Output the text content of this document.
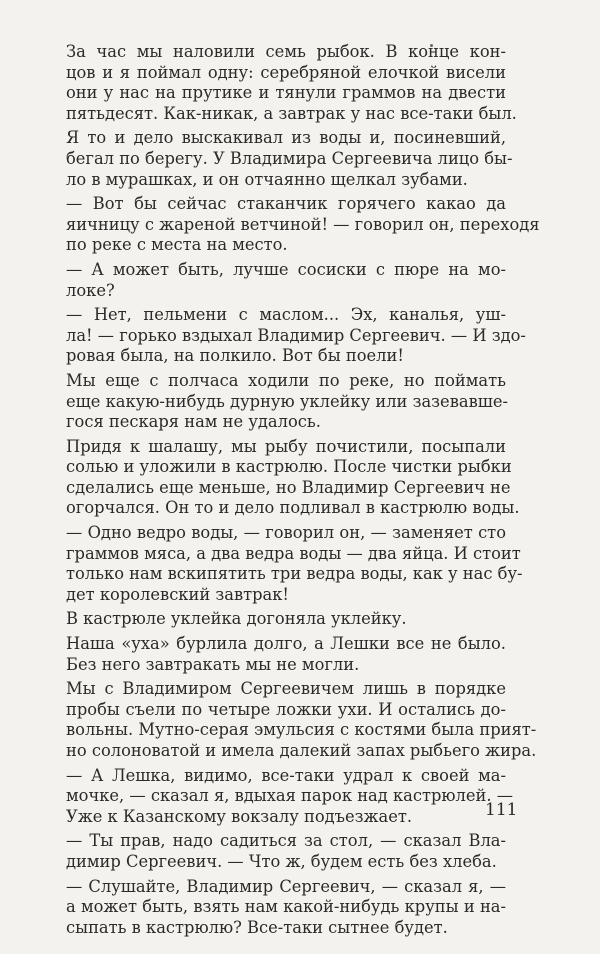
За час мы наловили семь рыбок. В конце кон-
цов и я поймал одну: серебряной елочкой висели
они у нас на прутике и тянули граммов на двести
пятьдесят. Как-никак, а завтрак у нас все-таки был.
Я то и дело выскакивал из воды и, посиневший,
бегал по берегу. У Владимира Сергеевича лицо бы-
ло в мурашках, и он отчаянно щелкал зубами.
— Вот бы сейчас стаканчик горячего какао да
яичницу с жареной ветчиной! — говорил он, переходя
по реке с места на место.
— А может быть, лучше сосиски с пюре на мо-
локе?
— Нет, пельмени с маслом... Эх, каналья, уш-
ла! — горько вздыхал Владимир Сергеевич. — И здо-
ровая была, на полкило. Вот бы поели!
Мы еще с полчаса ходили по реке, но поймать
еще какую-нибудь дурную уклейку или зазевавше-
гося пескаря нам не удалось.
Придя к шалашу, мы рыбу почистили, посыпали
солью и уложили в кастрюлю. После чистки рыбки
сделались еще меньше, но Владимир Сергеевич не
огорчался. Он то и дело подливал в кастрюлю воды.
— Одно ведро воды, — говорил он, — заменяет сто
граммов мяса, а два ведра воды — два яйца. И стоит
только нам вскипятить три ведра воды, как у нас бу-
дет королевский завтрак!
В кастрюле уклейка догоняла уклейку.
Наша «уха» бурлила долго, а Лешки все не было.
Без него завтракать мы не могли.
Мы с Владимиром Сергеевичем лишь в порядке
пробы съели по четыре ложки ухи. И остались до-
вольны. Мутно-серая эмульсия с костями была прият-
но солоноватой и имела далекий запах рыбьего жира.
— А Лешка, видимо, все-таки удрал к своей ма-
мочке, — сказал я, вдыхая парок над кастрюлей. —
Уже к Казанскому вокзалу подъезжает.
— Ты прав, надо садиться за стол, — сказал Вла-
димир Сергеевич. — Что ж, будем есть без хлеба.
— Слушайте, Владимир Сергеевич, — сказал я, —
а может быть, взять нам какой-нибудь крупы и на-
сыпать в кастрюлю? Все-таки сытнее будет.
111
